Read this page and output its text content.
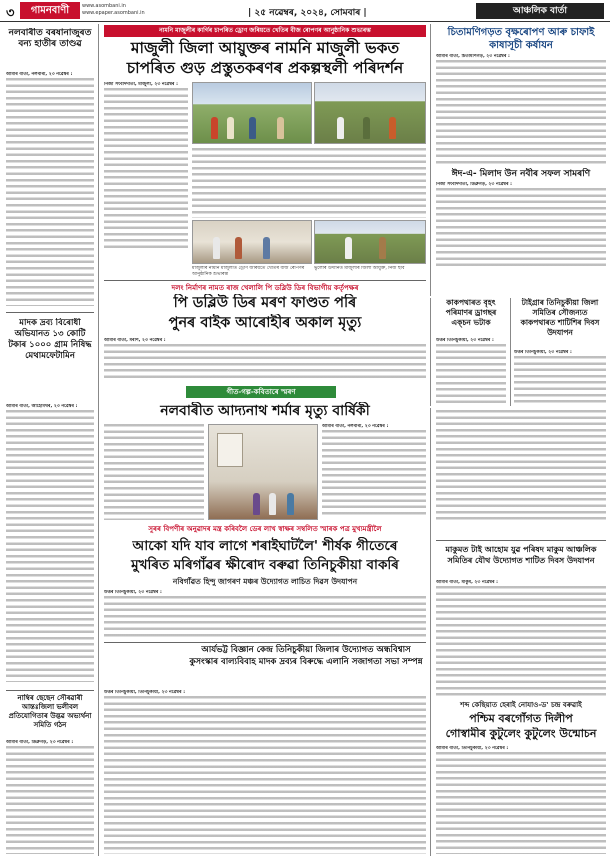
৩	গামনবাণী	www.asombani.in
www.epaper.asombani.in	| ২৫ নৱেম্বৰ, ২০২৪, সোমবাৰ |	আঞ্চলিক বাৰ্তা
নলবাৰীত বৰষানাজুৰত বন্য হাতীৰ তাণ্ডৱ
আমাৰ বাৰ্তা, নলবাৰী, ২৩ নৱেম্বৰ :
মাদক দ্ৰব্য বিৰোধী অভিযানত ১৩ কোটি টকাৰ ১০০০ গ্ৰাম নিষিদ্ধ মেথামফেটামিন
আমাৰ বাৰ্তা, আহোমথৰ, ২৩ নৱেম্বৰ :
নাম্বিৰ ছেছেন সৌৰৱাৰী আন্তঃজিলা ভলীবল প্ৰতিযোগিতাৰ উদ্ভৱ অভ্যৰ্থনা সমিতি গঠন
আমাৰ বাৰ্তা, ডিব্ৰুগড়, ২৩ নৱেম্বৰ :
নামনি মাজুলীৰ কাৰ্গিৰ চাপৰিত ড্ৰোণ জৰিয়তে খেতিৰ বীজ ৰোপণৰ আনুষ্ঠানিক শুভাৰম্ভ
মাজুলী জিলা আয়ুক্তৰ নামনি মাজুলী ভকত
চাপৰিত গুড় প্ৰস্তুতকৰণৰ প্ৰকল্পস্থলী পৰিদৰ্শন
নিজা সংবাদদাতা, মাজুলী, ২৩ নৱেম্বৰ :
মাজুলীৰ নামনি মাজুলীত ড্ৰোণ জৰিয়তে খেতিৰ বীজ ৰোপণৰ আনুষ্ঠানিক শুভাৰম্ভ
ভুলোৰ উদ্যানত মাজুলীৰ জিলা আয়ুক্ত, নিজ ছবি
চিতামণিগড়ত বৃক্ষৰোপণ আৰু চাফাই কাষাসূচী কৰ্ষাযন
আমাৰ বাৰ্তা, চিতামণিগড়, ২৩ নৱেম্বৰ :
ঈদ-এ- মিলাদ উন নবীৰ সফল সামৰণি
নিজা সংবাদদাতা, ডিব্ৰুগড়, ২৩ নৱেম্বৰ :
দলং নিৰ্মাণৰ নামত ৰাজ খেলালি পি ডব্লিউ ডিৰ বিভাগীয় কৰ্তৃপক্ষৰ
পি ডব্লিউ ডিৰ মৰণ ফাণ্ডত পৰি
পুনৰ বাইক আৰোহীৰ অকাল মৃত্যু
আমাৰ বাৰ্তা, মৰাণ, ২৩ নৱেম্বৰ :
কাকপথাৰত বৃহৎ পৰিমাণৰ ড্ৰাগছৰ এক্‌চন ভটাক
উত্তৰ তিনিচুকীয়া, ২৩ নৱেম্বৰ :
টাইগ্ৰাৰ তিনিচুকীয়া জিলা সমিতিৰ সৌজন্যত কাকপথাৰত শাটিশিৰ দিবস উদযাপন
উত্তৰ তিনিচুকীয়া, ২৩ নৱেম্বৰ :
গীত-গল্প-কবিতাৰে স্মৰণ
নলবাৰীত আদ্যনাথ শৰ্মাৰ মৃত্যু বাৰ্ষিকী
আমাৰ বাৰ্তা, নলবাৰী, ২৩ নৱেম্বৰ :
মাকুমত টাই আহোম যুৱ পৰিষদ মাকুম আঞ্চলিক সমিতিৰ যৌথ উদ্যোগত শাটিত দিবস উদযাপন
আমাৰ বাৰ্তা, মাকুম, ২৩ নৱেম্বৰ :
সুৰৰ বিপণীৰ অনুৱাদৰ মন্ত্ৰ কৰিবলৈ ডেৰ লাখ স্বাক্ষৰ সম্বলিত স্মাৰক পত্ৰ মুখ্যমন্ত্ৰীলৈ
আকো যদি যাব লাগে শৰাইঘাটলৈ' শীৰ্ষক গীতেৰে
মুখৰিত মৰিগাঁৱৰ ক্ষীৰোদ বৰুৱা তিনিচুকীয়া বাকৰি
নবিগাঁৱত হিন্দু জাগৰণ মঞ্চৰ উদ্যোগত লাচিত দিৱস উদযাপন
উত্তৰ তিনিচুকীয়া, ২৩ নৱেম্বৰ :
আৰ্যভট্ট বিজ্ঞান কেন্দ্ৰ তিনিচুকীয়া জিলাৰ উদ্যোগত অন্ধবিশ্বাস কুসংস্কাৰ বাল্যবিবাহ মাদক দ্ৰব্যৰ বিৰুদ্ধে এলানি সজাগতা সভা সম্পন্ন
উত্তৰ তিনিচুকীয়া, তিনিচুকীয়া, ২৩ নৱেম্বৰ :
শব্দ কেছিয়াত হেৰাই নোযাও-ড' চন্দ্ৰ বৰুৱাই
পশ্চিম বৰগোঁগত দিলীপ
গোস্বামীৰ কুটুলেং কুটুলেং উন্মোচন
আমাৰ বাৰ্তা, তিনিচুকীয়া, ২৩ নৱেম্বৰ :
